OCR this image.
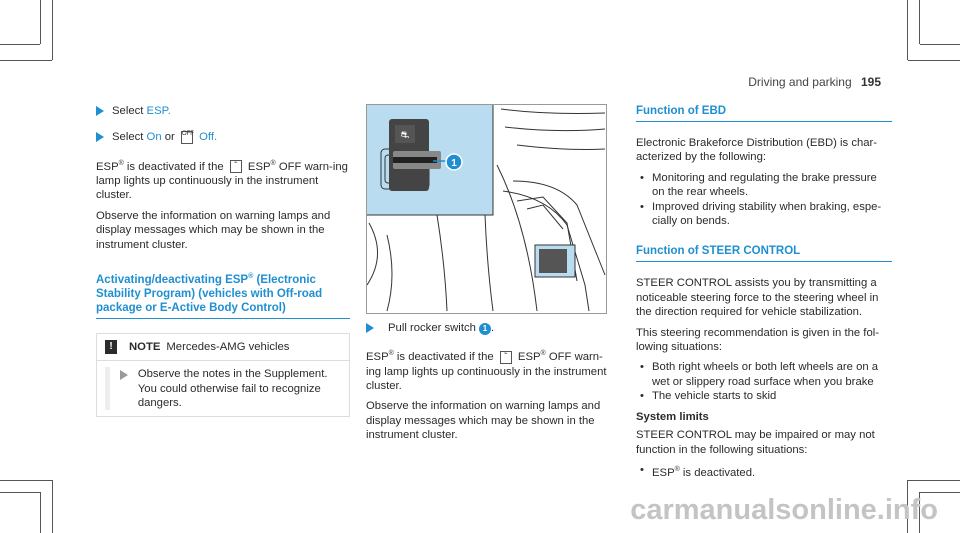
Driving and parking 195
Select ESP.
Select On or OFF Off.

ESP® is deactivated if the ⌁ ESP® OFF warn-ing lamp lights up continuously in the instrument cluster.

Observe the information on warning lamps and display messages which may be shown in the instrument cluster.

Activating/deactivating ESP® (Electronic Stability Program) (vehicles with Off-road package or E-Active Body Control)
!	NOTE Mercedes-AMG vehicles
Observe the notes in the Supplement. You could otherwise fail to recognize dangers.
⛐
1
Pull rocker switch 1 .

ESP® is deactivated if the ⌁ ESP® OFF warn-ing lamp lights up continuously in the instrument cluster.

Observe the information on warning lamps and display messages which may be shown in the instrument cluster.

Function of EBD

Electronic Brakeforce Distribution (EBD) is char-acterized by the following:

• Monitoring and regulating the brake pressure on the rear wheels.
• Improved driving stability when braking, espe-cially on bends.
Function of STEER CONTROL

STEER CONTROL assists you by transmitting a noticeable steering force to the steering wheel in the direction required for vehicle stabilization.

This steering recommendation is given in the fol-lowing situations:

• Both right wheels or both left wheels are on a wet or slippery road surface when you brake
• The vehicle starts to skid
System limits

STEER CONTROL may be impaired or may not function in the following situations:

• ESP® is deactivated.
carmanualsonline.info
